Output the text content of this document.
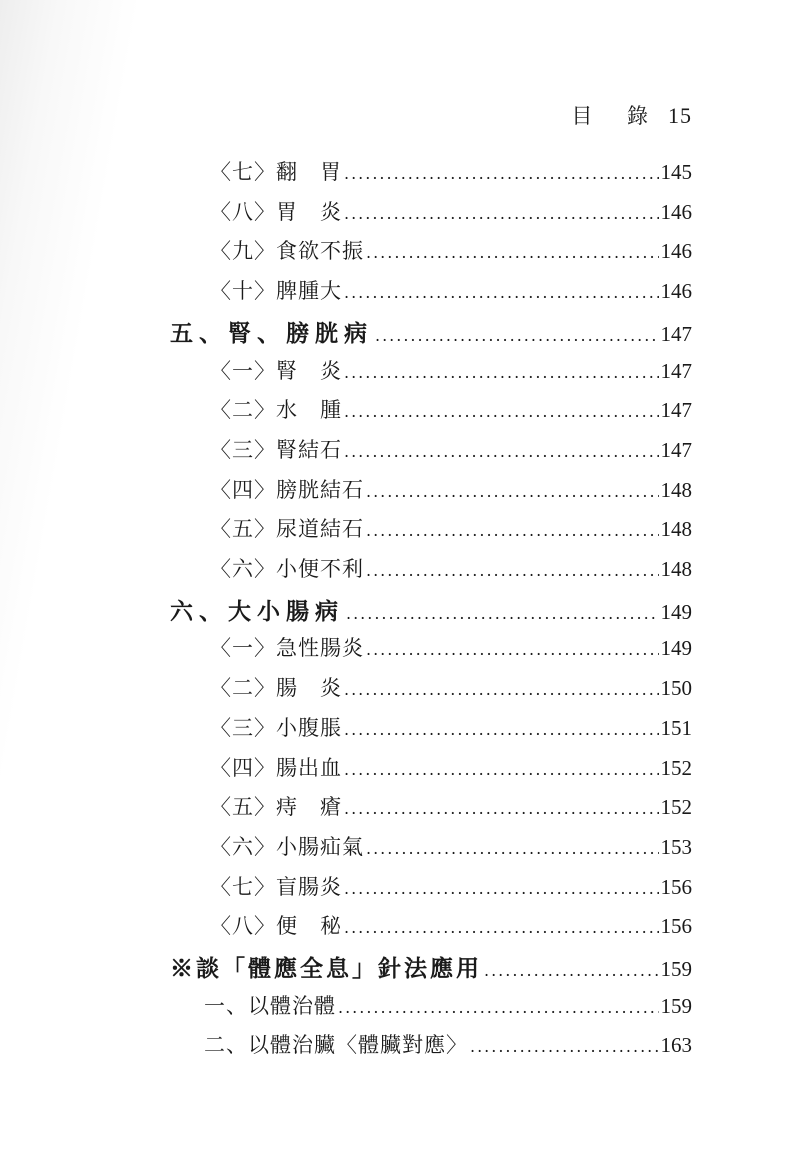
目 錄 15
〈七〉翻　胃 .....	145
〈八〉胃　炎 .....	146
〈九〉食欲不振 .....	146
〈十〉脾腫大 .....	146
五、腎、膀胱病 .....	147
〈一〉腎　炎 .....	147
〈二〉水　腫 .....	147
〈三〉腎結石 .....	147
〈四〉膀胱結石 .....	148
〈五〉尿道結石 .....	148
〈六〉小便不利 .....	148
六、大小腸病 .....	149
〈一〉急性腸炎 .....	149
〈二〉腸　炎 .....	150
〈三〉小腹脹 .....	151
〈四〉腸出血 .....	152
〈五〉痔　瘡 .....	152
〈六〉小腸疝氣 .....	153
〈七〉盲腸炎 .....	156
〈八〉便　秘 .....	156
※談「體應全息」針法應用 .....	159
一、以體治體 .....	159
二、以體治臟〈體臟對應〉 .....	163
